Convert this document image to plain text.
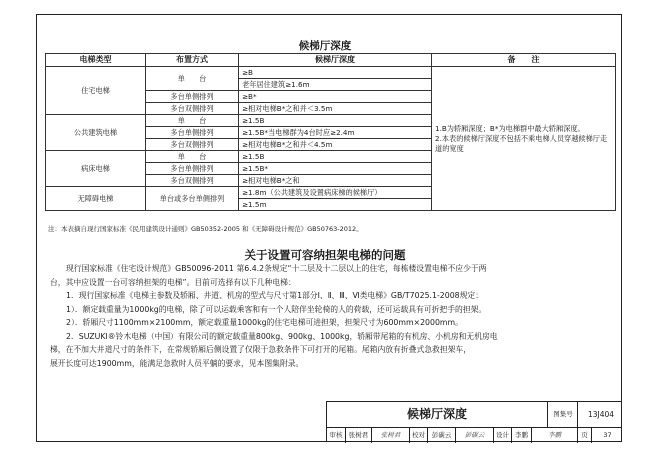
候梯厅深度
电梯类型	布置方式	候梯厅深度	备　　注
住宅电梯	单　　台	≥B	1.B为轿厢深度；B*为电梯群中最大轿厢深度。
2.本表的候梯厅深度不包括不乘电梯人员穿越候梯厅走道的宽度

		老年居住建筑≥1.6m	
	多台单侧排列	≥B*	
	多台双侧排列	≥相对电梯B*之和并＜3.5m	
公共建筑电梯	单　　台	≥1.5B	
	多台单侧排列	≥1.5B*当电梯群为4台时应≥2.4m	
	多台双侧排列	≥相对电梯B*之和并＜4.5m	
病床电梯	单　　台	≥1.5B	
	多台单侧排列	≥1.5B*	
	多台双侧排列	≥相对电梯B*之和	
无障碍电梯	单台或多台单侧排列	≥1.8m（公共建筑及设置病床梯的候梯厅）	
		≥1.5m	
注：本表摘自现行国家标准《民用建筑设计通则》GB50352-2005 和《无障碍设计规范》GB50763-2012。
关于设置可容纳担架电梯的问题

现行国家标准《住宅设计规范》GB50096-2011 第6.4.2条规定“十二层及十二层以上的住宅，每栋楼设置电梯不应少于两

台，其中应设置一台可容纳担架的电梯”。目前可选择有以下几种电梯：

1．现行国家标准《电梯主参数及轿厢、井道、机房的型式与尺寸第1部分Ⅰ、Ⅱ、Ⅲ、Ⅵ类电梯》GB/T7025.1-2008规定：

1）．额定载重量为1000kg的电梯，除了可以运载乘客和有一个人陪伴坐轮椅的人的荷载，还可运载具有可折把手的担架。

2）．轿厢尺寸1100mm×2100mm，额定载重量1000kg的住宅电梯可进担架，担架尺寸为600mm×2000mm。

2．SUZUKI®铃木电梯（中国）有限公司的额定载重量800kg、900kg、1000kg，轿厢带尾箱的有机房、小机房和无机房电

梯，在不加大井道尺寸的条件下，在常规轿厢后侧设置了仅限于急救条件下可打开的尾箱。尾箱内放有折叠式急救担架车，

展开长度可达1900mm，能满足急救时人员平躺的要求，见本图集附录。

候梯厅深度	图集号	13J404
审核 张树君	张树君	校对	彭碳云	彭碳云	设计 李鹏	李鹏	页	37
